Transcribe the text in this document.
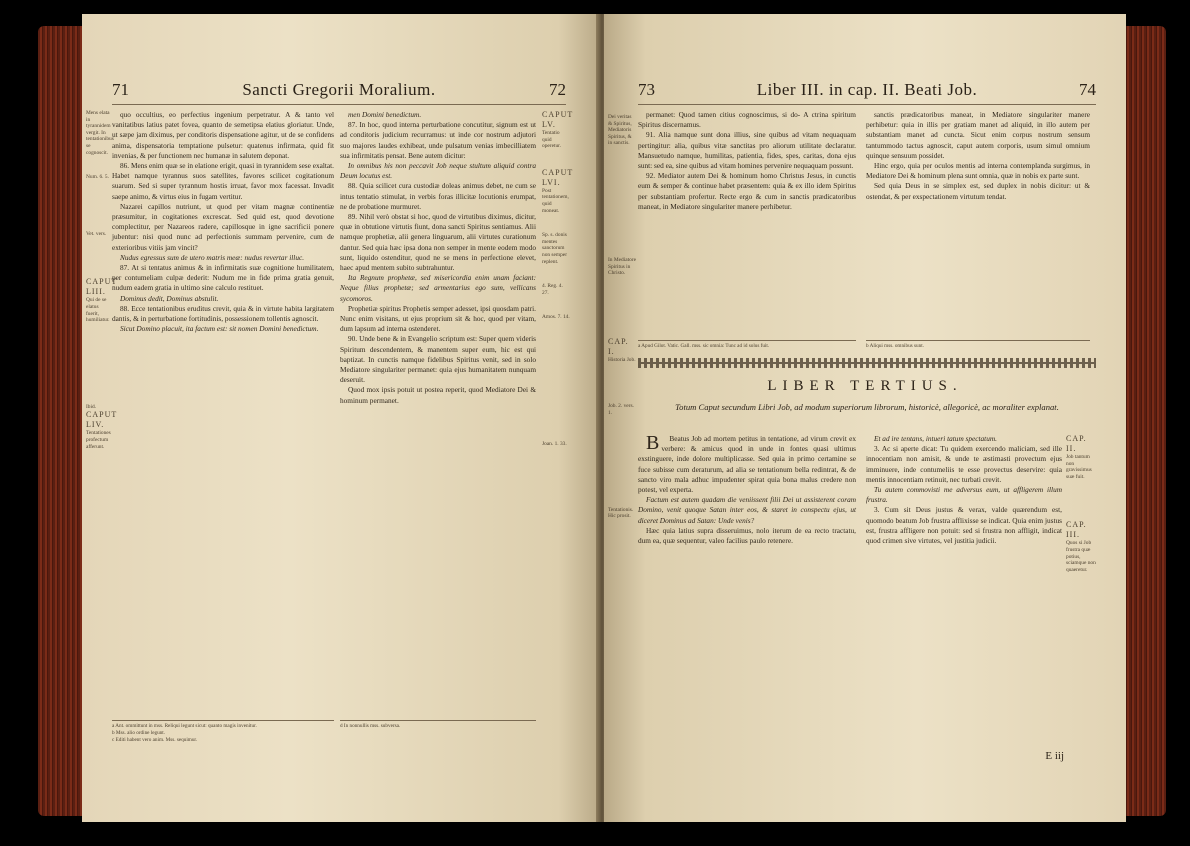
71	Sancti Gregorii Moralium.	72
Mens elata in tyrannidem vergit. In tentationibus se cognoscit.
Num. 6. 5.
Vet. vers.
CAPUT LIII.
Qui de se elatus fuerit, humiliatur.
Ibid.
CAPUT LIV.
Tentationes profectum afferunt.

quo occultius, eo perfectius ingenium perpetratur. A & tanto vel vanitatibus latius patet fovea, quanto de semetipsa elatius gloriatur. Unde, ut sæpe jam diximus, per conditoris dispensatione agitur, ut de se confidens anima, dispensatoria temptatione pulsetur: quatenus infirmata, quid fit invenias, & per functionem nec humanæ in salutem deponat.

86. Mens enim quæ se in elatione erigit, quasi in tyrannidem sese exaltat. Habet namque tyrannus suos satellites, favores scilicet cogitationum suarum. Sed si super tyrannum hostis irruat, favor mox facessat. Invadit saepe animo, & virtus eius in fugam vertitur.

Nazarei capillos nutriunt, ut quod per vitam magnæ continentiæ præsumitur, in cogitationes excrescat. Sed quid est, quod devotione complectitur, per Nazareos radere, capillosque in igne sacrificii ponere jubentur: nisi quod nunc ad perfectionis summam pervenire, cum de exterioribus vitiis jam vincit?

Nudus egressus sum de utero matris meæ: nudus revertar illuc.

87. At si tentatus animus & in infirmitatis suæ cognitione humilitatem, per contumeliam culpæ dederit: Nudum me in fide prima gratia genuit, nudum eadem gratia in ultimo sine calculo restituet.

Dominus dedit, Dominus abstulit.

88. Ecce tentationibus eruditus crevit, quia & in virtute habita largitatem dantis, & in perturbatione fortitudinis, possessionem tollentis agnoscit.

Sicut Domino placuit, ita factum est: sit nomen Domini benedictum.

men Domini benedictum.

87. In hoc, quod interna perturbatione concutitur, signum est ut ad conditoris judicium recurramus: ut inde cor nostrum adjutori suo majores laudes exhibeat, unde pulsatum venias imbecilliatem sua infirmitatis pensat. Bene autem dicitur:

In omnibus his non peccavit Job neque stultum aliquid contra Deum locutus est.

88. Quia scilicet cura custodiæ doleas animus debet, ne cum se intus tentatio stimulat, in verbis foras illicitæ locutionis erumpat, ne de probatione murmuret.

89. Nihil verò obstat si hoc, quod de virtutibus diximus, dicitur, quæ in obtutione virtutis fiunt, dona sancti Spiritus sentiamus. Alii namque prophetiæ, alii genera linguarum, alii virtutes curationum dantur. Sed quia hæc ipsa dona non semper in mente eodem modo sunt, liquido ostenditur, quod ne se mens in perfectione elevet, haec apud mentem subito subtrahuntur.

Ita Regnum prophetæ, sed misericordia enim unam faciant: Neque filius prophetæ; sed armentarius ego sum, vellicans sycomoros.

Prophetiæ spiritus Prophetis semper adesset, ipsi quosdam patri. Nunc enim visitans, ut ejus proprium sit & hoc, quod per vitam, dum lapsum ad interna ostenderet.

90. Unde bene & in Evangelio scriptum est: Super quem videris Spiritum descendentem, & manentem super eum, hic est qui baptizat. In cunctis namque fidelibus Spiritus venit, sed in solo Mediatore singulariter permanet: quia ejus humanitatem nunquam deseruit.

Quod mox ipsis potuit ut postea reperit, quod Mediatore Dei & hominum permanet.

CAPUT LV.
Tentatio quid operetur.
CAPUT LVI.
Post tentationem, quid moneat.
Sp. s. donis mentes sanctorum non semper replent.
4. Reg. 4. 27.
Amos. 7. 14.
Joan. 1. 33.
a Ant. ommittunt in mss. Reliqui legunt sicut: quanto magis invenitur.
b Mss. alio ordine legunt.
c Editi habent vero anim. Mss. sequimur.
d In nonnullis mss. subversa.
73	Liber III. in cap. II. Beati Job.	74
Dei veritas & Spiritus, Mediatoris Spiritus, & in sanctis.
In Mediatore Spiritus in Christo.
CAP. I.
Historia Job.
Job. 2. vers. 1.
Tentationis. Hic prosit.

permanet: Quod tamen citius cognoscimus, si do- A ctrina spiritum Spiritus discernamus.

91. Alia namque sunt dona illius, sine quibus ad vitam nequaquam pertingitur: alia, quibus vitæ sanctitas pro aliorum utilitate declaratur. Mansuetudo namque, humilitas, patientia, fides, spes, caritas, dona ejus sunt: sed ea, sine quibus ad vitam homines pervenire nequaquam possunt.

92. Mediator autem Dei & hominum homo Christus Jesus, in cunctis eum & semper & continue habet præsentem: quia & ex illo idem Spiritus per substantiam profertur. Recte ergo & cum in sanctis prædicatoribus maneat, in Mediatore singulariter manere perhibetur.

sanctis prædicatoribus maneat, in Mediatore singulariter manere perhibetur: quia in illis per gratiam manet ad aliquid, in illo autem per substantiam manet ad cuncta. Sicut enim corpus nostrum sensum tantummodo tactus agnoscit, caput autem corporis, usum simul omnium quinque sensuum possidet.

Hinc ergo, quia per oculos mentis ad interna contemplanda surgimus, in Mediatore Dei & hominum plena sunt omnia, quæ in nobis ex parte sunt.

Sed quia Deus in se simplex est, sed duplex in nobis dicitur: ut & ostendat, & per exspectationem virtutum tendat.

a Apud Gilot. Vatic. Gall. mss. sic omnia: Tunc ad id solus fuit.	b Aliqui mss. omnibus sunt.
LIBER TERTIUS.
Totum Caput secundum Libri Job, ad modum superiorum librorum, historicè, allegoricè, ac moraliter explanat.

B Beatus Job ad mortem petitus in tentatione, ad virum crevit ex verbere: & amicus quod in unde in fontes quasi ultimus exstinguere, inde dolore multiplicasse. Sed quia in primo certamine se fuce subisse cum deraturum, ad alia se tentationum bella redintrat, & de sancto viro mala adhuc impudenter spirat quia bona malus credere non potest, vel experta.

Factum est autem quadam die veniissent filii Dei ut assisterent coram Domino, venit quoque Satan inter eos, & staret in conspectu ejus, ut diceret Dominus ad Satan: Unde venis?

Hæc quia latius supra disseruimus, nolo iterum de ea recto tractatu, dum ea, quæ sequentur, valeo facilius paulo retenere.

Et ad ire tentans, intueri tatum spectatum.

3. Ac si aperte dicat: Tu quidem exercendo maliciam, sed ille innocentiam non amisit, & unde te æstimasti provectum ejus imminuere, inde contumeliis te esse provectus deservire: quia mentis innocentiam retinuit, nec turbati crevit.

Tu autem commovisti me adversus eum, ut affligerem illum frustra.

3. Cum sit Deus justus & verax, valde quærendum est, quomodo beatum Job frustra afflixisse se indicat. Quia enim justus est, frustra affligere non potuit: sed si frustra non affligit, indicat quod crimen sive virtutes, vel justitia judicii.

CAP. II.
Job tantum non gravissimus suæ fuit.
CAP. III.
Quos si Job frustra quæ potius, sciamque non quaeretur.
E iij
